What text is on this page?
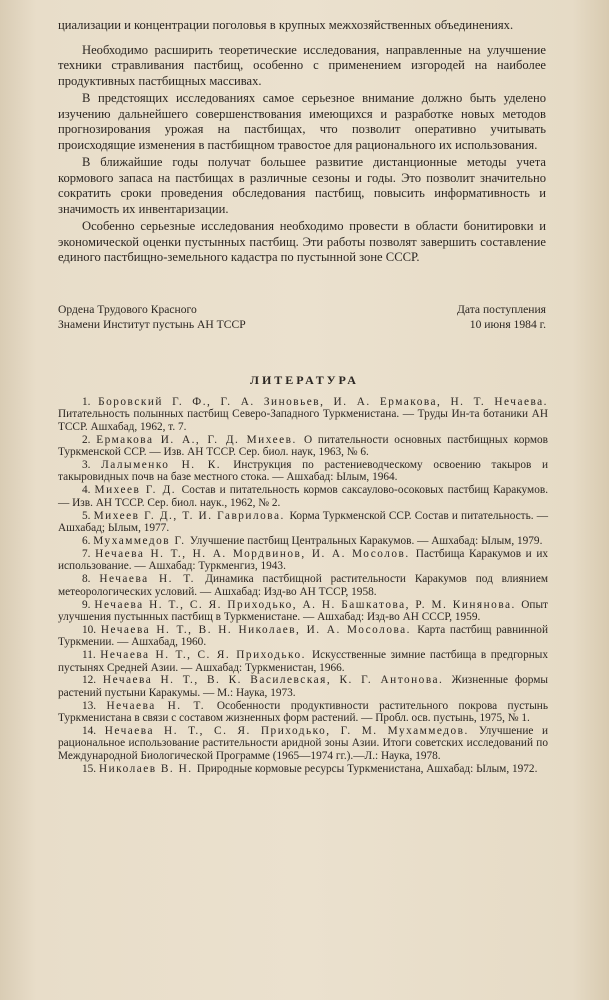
циализации и концентрации поголовья в крупных межхозяйственных объединениях.

Необходимо расширить теоретические исследования, направленные на улучшение техники стравливания пастбищ, особенно с применением изгородей на наиболее продуктивных пастбищных массивах.

В предстоящих исследованиях самое серьезное внимание должно быть уделено изучению дальнейшего совершенствования имеющихся и разработке новых методов прогнозирования урожая на пастбищах, что позволит оперативно учитывать происходящие изменения в пастбищном травостое для рационального их использования.

В ближайшие годы получат большее развитие дистанционные методы учета кормового запаса на пастбищах в различные сезоны и годы. Это позволит значительно сократить сроки проведения обследования пастбищ, повысить информативность и значимость их инвентаризации.

Особенно серьезные исследования необходимо провести в области бонитировки и экономической оценки пустынных пастбищ. Эти работы позволят завершить составление единого пастбищно-земельного кадастра по пустынной зоне СССР.

Ордена Трудового Красного
Знамени Институт пустынь АН ТССР
Дата поступления
10 июня 1984 г.
ЛИТЕРАТУРА

1. Боровский Г. Ф., Г. А. Зиновьев, И. А. Ермакова, Н. Т. Нечаева. Питательность полынных пастбищ Северо-Западного Туркменистана. — Труды Ин-та ботаники АН ТССР. Ашхабад, 1962, т. 7.

2. Ермакова И. А., Г. Д. Михеев. О питательности основных пастбищных кормов Туркменской ССР. — Изв. АН ТССР. Сер. биол. наук, 1963, № 6.

3. Лалыменко Н. К. Инструкция по растениеводческому освоению такыров и такыровидных почв на базе местного стока. — Ашхабад: Ылым, 1964.

4. Михеев Г. Д. Состав и питательность кормов саксаулово-осоковых пастбищ Каракумов. — Изв. АН ТССР. Сер. биол. наук., 1962, № 2.

5. Михеев Г. Д., Т. И. Гаврилова. Корма Туркменской ССР. Состав и питательность. — Ашхабад; Ылым, 1977.

6. Мухаммедов Г. Улучшение пастбищ Центральных Каракумов. — Ашхабад: Ылым, 1979.

7. Нечаева Н. Т., Н. А. Мордвинов, И. А. Мосолов. Пастбища Каракумов и их использование. — Ашхабад: Туркменгиз, 1943.

8. Нечаева Н. Т. Динамика пастбищной растительности Каракумов под влиянием метеорологических условий. — Ашхабад: Изд-во АН ТССР, 1958.

9. Нечаева Н. Т., С. Я. Приходько, А. Н. Башкатова, Р. М. Кинянова. Опыт улучшения пустынных пастбищ в Туркменистане. — Ашхабад: Изд-во АН СССР, 1959.

10. Нечаева Н. Т., В. Н. Николаев, И. А. Мосолова. Карта пастбищ равнинной Туркмении. — Ашхабад, 1960.

11. Нечаева Н. Т., С. Я. Приходько. Искусственные зимние пастбища в предгорных пустынях Средней Азии. — Ашхабад: Туркменистан, 1966.

12. Нечаева Н. Т., В. К. Василевская, К. Г. Антонова. Жизненные формы растений пустыни Каракумы. — М.: Наука, 1973.

13. Нечаева Н. Т. Особенности продуктивности растительного покрова пустынь Туркменистана в связи с составом жизненных форм растений. — Пробл. осв. пустынь, 1975, № 1.

14. Нечаева Н. Т., С. Я. Приходько, Г. М. Мухаммедов. Улучшение и рациональное использование растительности аридной зоны Азии. Итоги советских исследований по Международной Биологической Программе (1965—1974 гг.).—Л.: Наука, 1978.

15. Николаев В. Н. Природные кормовые ресурсы Туркменистана, Ашхабад: Ылым, 1972.
